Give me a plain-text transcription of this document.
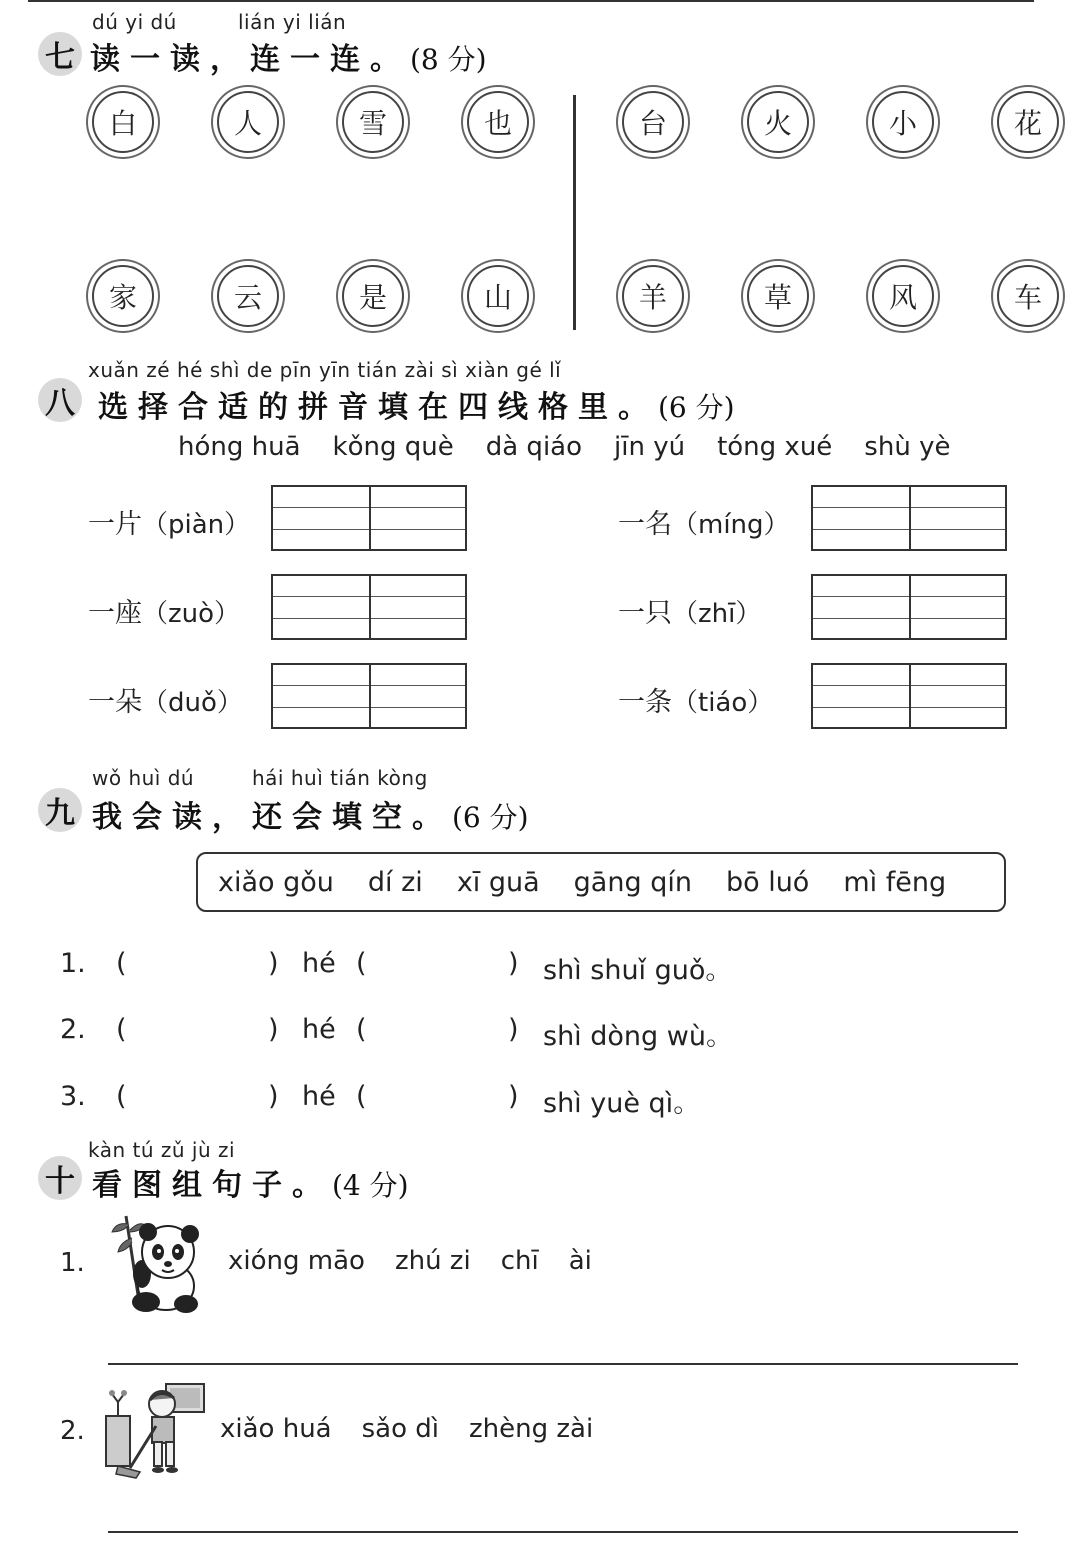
七
dú yi dú	lián yi lián
读一读，连一连。(8 分)
白	人	雪	也	台	火	小	花
家	云	是	山	羊	草	风	车
八
xuǎn zé hé shì de pīn yīn tián zài sì xiàn gé lǐ
选择合适的拼音填在四线格里。(6 分)
hóng huā kǒng què dà qiáo jīn yú tóng xué shù yè
一片（piàn）
一座（zuò）
一朵（duǒ）
一名（míng）
一只（zhī）
一条（tiáo）
九
wǒ huì dú	hái huì tián kòng
我会读，还会填空。(6 分)
xiǎo gǒu dí zi xī guā gāng qín bō luó mì fēng
1. (	) hé (	) shì shuǐ guǒ。
2. (	) hé (	) shì dòng wù。
3. (	) hé (	) shì yuè qì。
十
kàn tú zǔ jù zi
看图组句子。(4 分)
1.	xióng māo zhú zi chī ài
2.	xiǎo huá sǎo dì zhèng zài
